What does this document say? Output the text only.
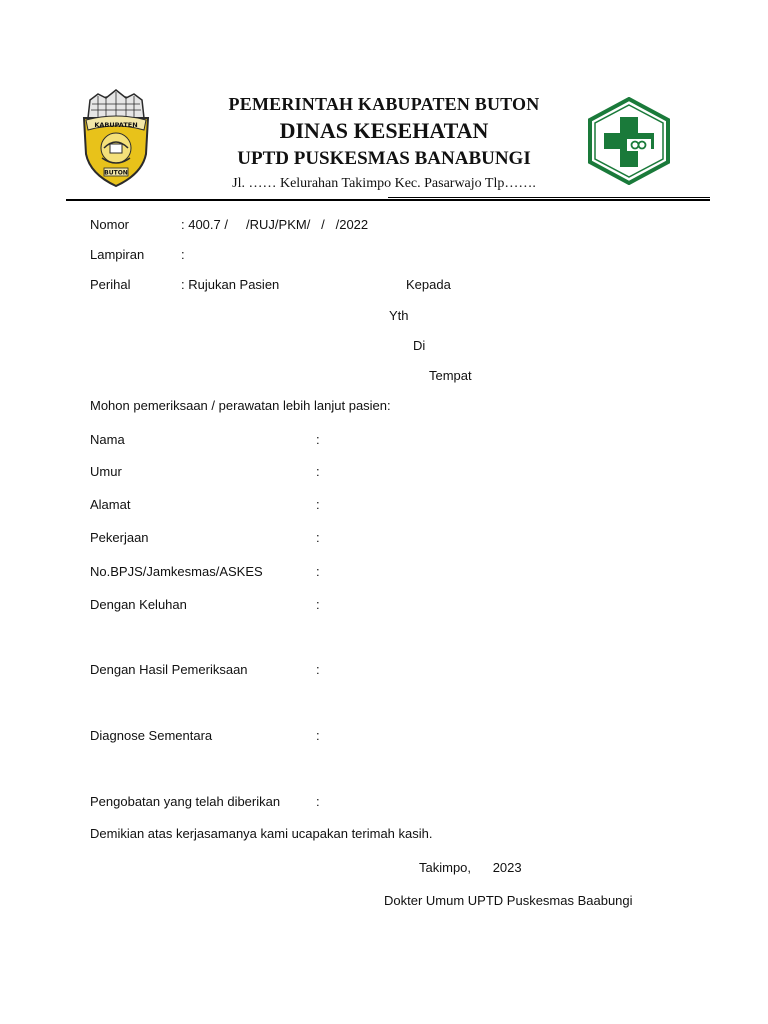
KABUPATEN
BUTON
PEMERINTAH KABUPATEN BUTON
DINAS KESEHATAN
UPTD PUSKESMAS BANABUNGI
Jl. …… Kelurahan Takimpo Kec. Pasarwajo Tlp…….
Nomor	: 400.7 /     /RUJ/PKM/   /   /2022
Lampiran	:
Perihal	: Rujukan Pasien	Kepada
Yth
Di
Tempat
Mohon pemeriksaan / perawatan lebih lanjut pasien:
Nama	:
Umur	:
Alamat	:
Pekerjaan	:
No.BPJS/Jamkesmas/ASKES	:
Dengan Keluhan	:
Dengan Hasil Pemeriksaan	:
Diagnose Sementara	:
Pengobatan yang telah diberikan	:
Demikian atas kerjasamanya kami ucapakan terimah kasih.
Takimpo,      2023
Dokter Umum UPTD Puskesmas Baabungi
